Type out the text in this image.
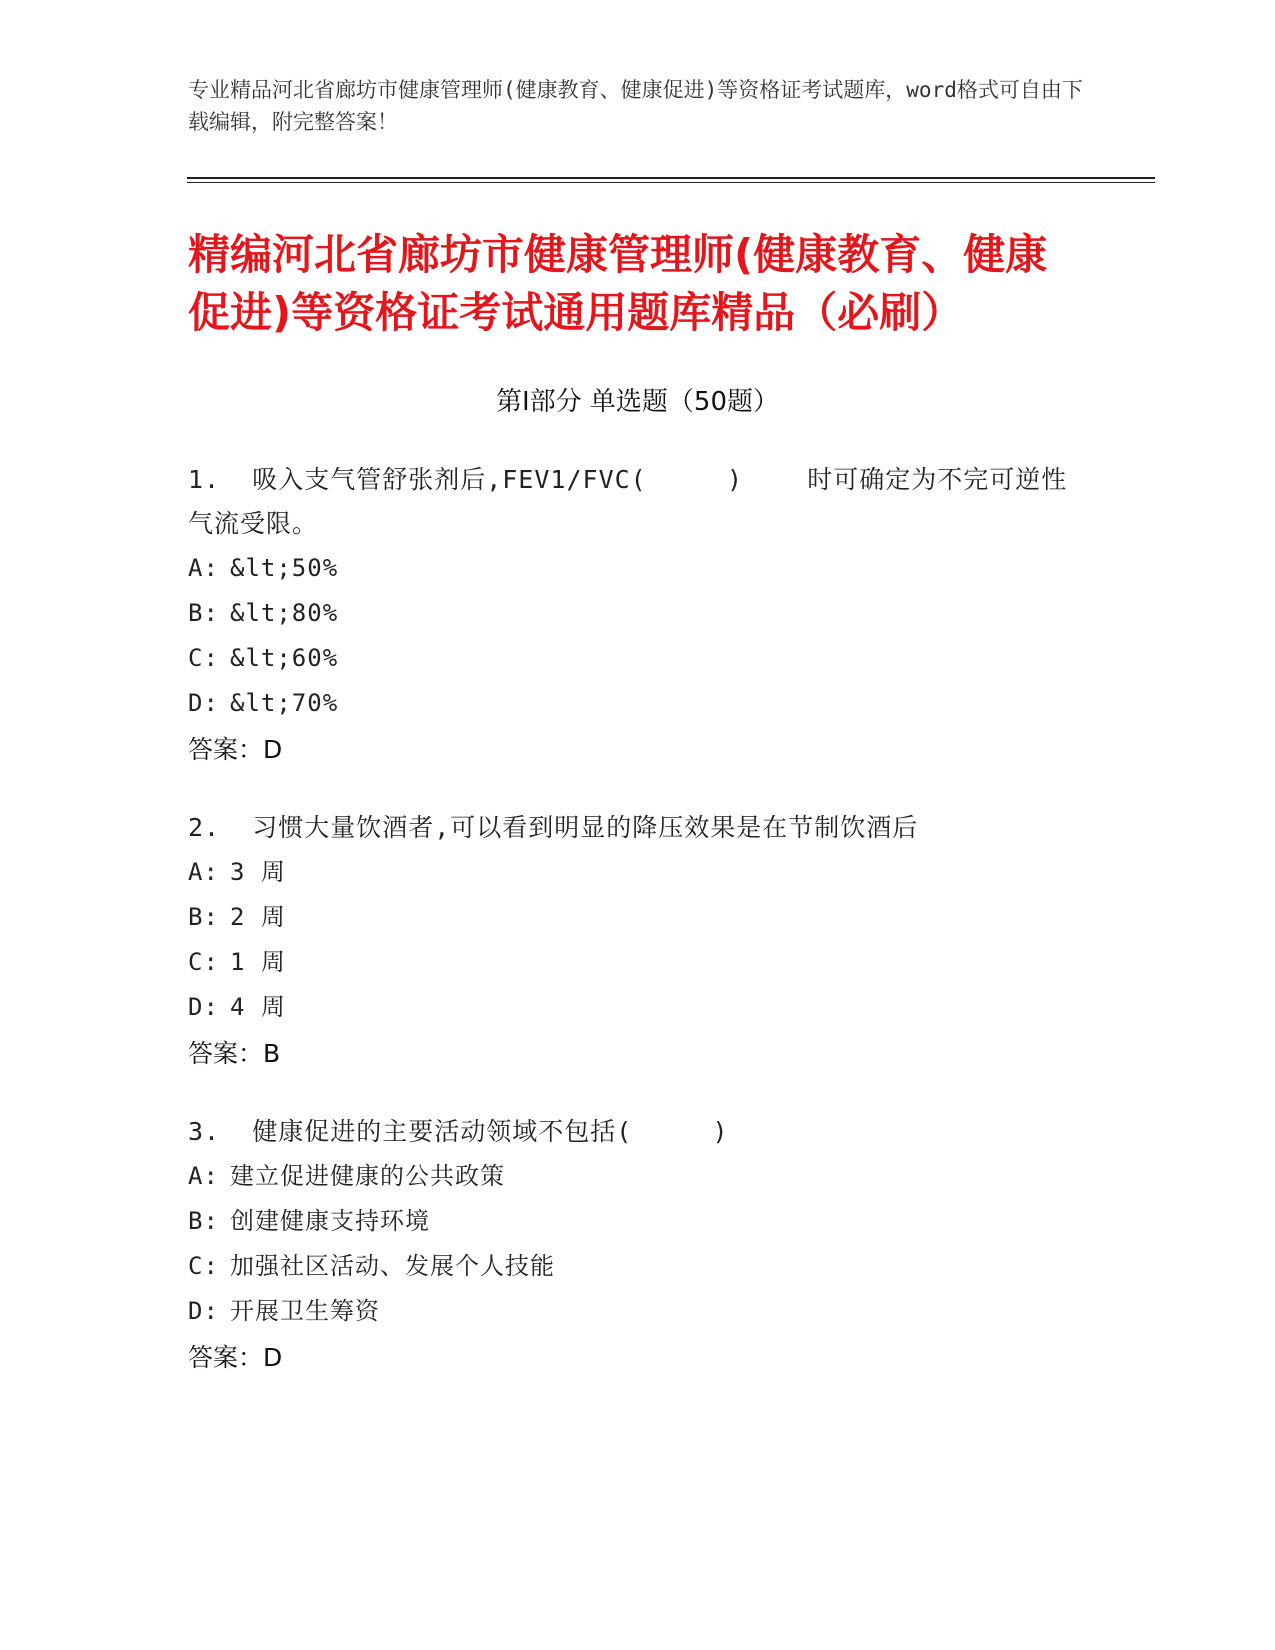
专业精品河北省廊坊市健康管理师(健康教育、健康促进)等资格证考试题库，word格式可自由下载编辑，附完整答案！
精编河北省廊坊市健康管理师(健康教育、健康促进)等资格证考试通用题库精品（必刷）
第Ⅰ部分 单选题（50题）
1.  吸入支气管舒张剂后,FEV1/FVC(     )    时可确定为不完可逆性气流受限。
A: &lt;50%
B: &lt;80%
C: &lt;60%
D: &lt;70%
答案：D
2.  习惯大量饮酒者,可以看到明显的降压效果是在节制饮酒后
A: 3 周
B: 2 周
C: 1 周
D: 4 周
答案：B
3.  健康促进的主要活动领域不包括(     )
A: 建立促进健康的公共政策
B: 创建健康支持环境
C: 加强社区活动、发展个人技能
D: 开展卫生筹资
答案：D
